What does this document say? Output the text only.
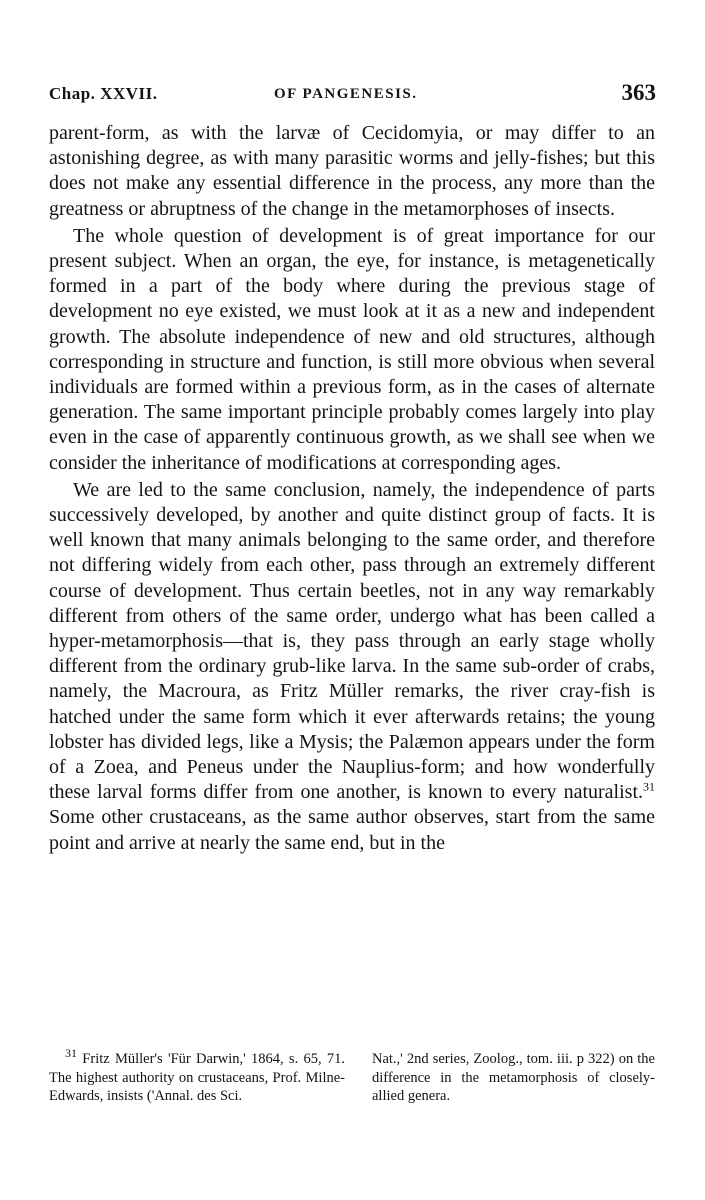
Chap. XXVII.	OF PANGENESIS.	363

parent-form, as with the larvæ of Cecidomyia, or may differ to an astonishing degree, as with many parasitic worms and jelly-fishes; but this does not make any essential difference in the process, any more than the greatness or abruptness of the change in the metamorphoses of insects.

The whole question of development is of great importance for our present subject. When an organ, the eye, for instance, is metagenetically formed in a part of the body where during the previous stage of development no eye existed, we must look at it as a new and independent growth. The absolute independence of new and old structures, although corresponding in structure and function, is still more obvious when several individuals are formed within a previous form, as in the cases of alternate generation. The same important principle probably comes largely into play even in the case of apparently continuous growth, as we shall see when we consider the inheritance of modifications at corresponding ages.

We are led to the same conclusion, namely, the independence of parts successively developed, by another and quite distinct group of facts. It is well known that many animals belonging to the same order, and therefore not differing widely from each other, pass through an extremely different course of development. Thus certain beetles, not in any way remarkably different from others of the same order, undergo what has been called a hyper-metamorphosis—that is, they pass through an early stage wholly different from the ordinary grub-like larva. In the same sub-order of crabs, namely, the Macroura, as Fritz Müller remarks, the river cray-fish is hatched under the same form which it ever afterwards retains; the young lobster has divided legs, like a Mysis; the Palæmon appears under the form of a Zoea, and Peneus under the Nauplius-form; and how wonderfully these larval forms differ from one another, is known to every naturalist.$^{31}$ Some other crustaceans, as the same author observes, start from the same point and arrive at nearly the same end, but in the

$^{31}$ Fritz Müller's 'Für Darwin,' 1864, s. 65, 71. The highest authority on crustaceans, Prof. Milne-Edwards, insists ('Annal. des Sci.
Nat.,' 2nd series, Zoolog., tom. iii. p 322) on the difference in the metamorphosis of closely-allied genera.
